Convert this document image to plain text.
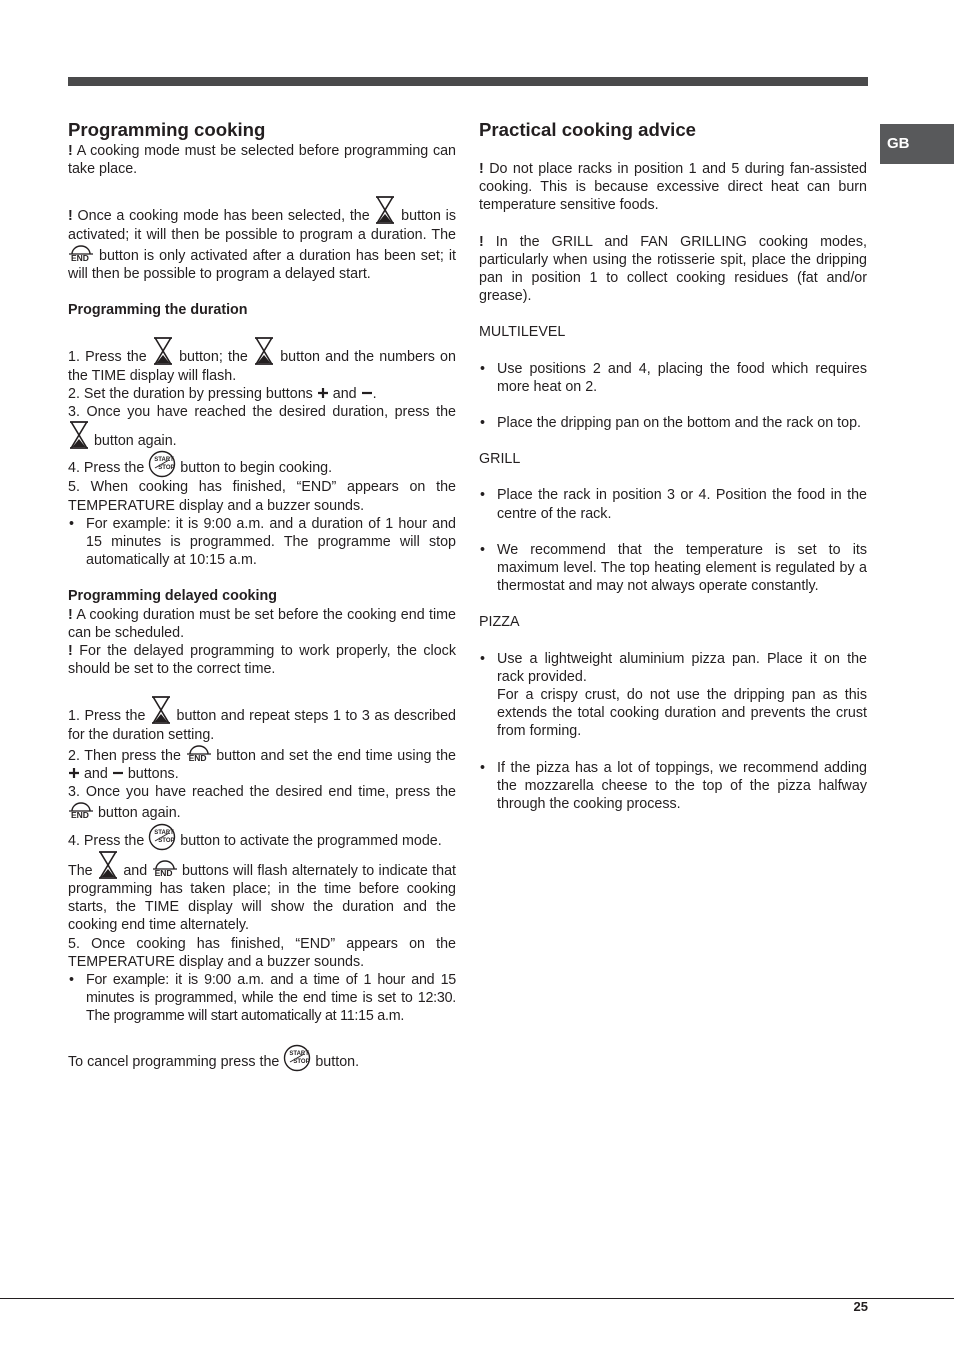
GB
Programming cooking

! A cooking mode must be selected before programming can take place.

! Once a cooking mode has been selected, the button is activated; it will then be possible to program a duration. The
END button is only activated after a duration has been set; it will then be possible to program a delayed start.

Programming the duration

1. Press the button; the button and the numbers on the TIME display will flash.

2. Set the duration by pressing buttons and .

3. Once you have reached the desired duration, press the  button again.

4. Press the START
STOP button to begin cooking.

5. When cooking has finished, “END” appears on the TEMPERATURE display and a buzzer sounds.

• For example: it is 9:00 a.m. and a duration of 1 hour and 15 minutes is programmed. The programme will stop automatically at 10:15 a.m.

Programming delayed cooking

! A cooking duration must be set before the cooking end time can be scheduled.

! For the delayed programming to work properly, the clock should be set to the correct time.

1. Press the button and repeat steps 1 to 3 as described for the duration setting.

2. Then press the END button and set the end time using the  and buttons.

3. Once you have reached the desired end time, press the
END button again.

4. Press the START
STOP button to activate the programmed mode.

The and END buttons will flash alternately to indicate that programming has taken place; in the time before cooking starts, the TIME display will show the duration and the cooking end time alternately.

5. Once cooking has finished, “END” appears on the TEMPERATURE display and a buzzer sounds.

• For example: it is 9:00 a.m. and a time of 1 hour and 15 minutes is programmed, while the end time is set to 12:30. The programme will start automatically at 11:15 a.m.

To cancel programming press the START
STOP button.

Practical cooking advice

! Do not place racks in position 1 and 5 during fan-assisted cooking. This is because excessive direct heat can burn temperature sensitive foods.

! In the GRILL and FAN GRILLING cooking modes, particularly when using the rotisserie spit, place the dripping pan in position 1 to collect cooking residues (fat and/or grease).

MULTILEVEL

• Use positions 2 and 4, placing the food which requires more heat on 2.

• Place the dripping pan on the bottom and the rack on top.

GRILL

• Place the rack in position 3 or 4. Position the food in the centre of the rack.

• We recommend that the temperature is set to its maximum level. The top heating element is regulated by a thermostat and may not always operate constantly.

PIZZA

• Use a lightweight aluminium pizza pan. Place it on the rack provided.

For a crispy crust, do not use the dripping pan as this extends the total cooking duration and prevents the crust from forming.

• If the pizza has a lot of toppings, we recommend adding the mozzarella cheese to the top of the pizza halfway through the cooking process.

25
